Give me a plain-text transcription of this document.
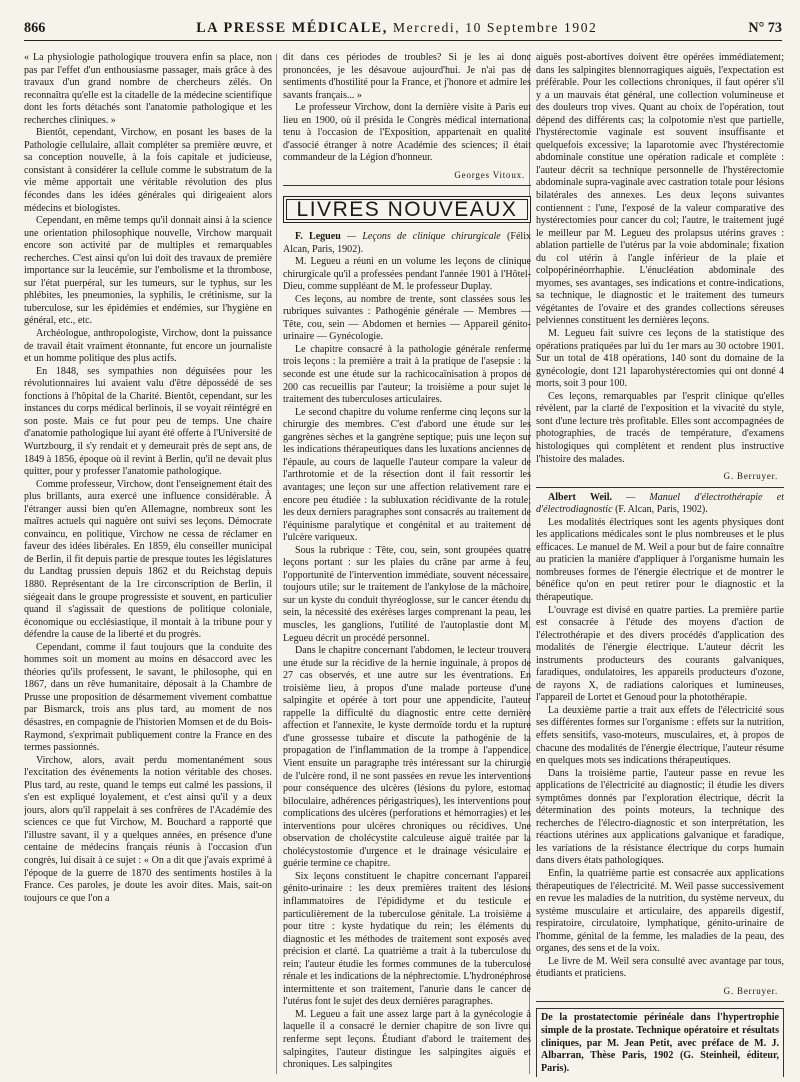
866	LA PRESSE MÉDICALE, Mercredi, 10 Septembre 1902	N° 73

« La physiologie pathologique trouvera enfin sa place, non pas par l'effet d'un enthousiasme passager, mais grâce à des travaux d'un grand nombre de chercheurs zélés. On reconnaîtra qu'elle est la citadelle de la médecine scientifique dont les forts détachés sont l'anatomie pathologique et les recherches cliniques. »

Bientôt, cependant, Virchow, en posant les bases de la Pathologie cellulaire, allait compléter sa première œuvre, et sa conception nouvelle, à la fois capitale et judicieuse, consistant à considérer la cellule comme le substratum de la vie même apportait une véritable révolution des plus fécondes dans les idées générales qui dirigeaient alors médecins et biologistes.

Cependant, en même temps qu'il donnait ainsi à la science une orientation philosophique nouvelle, Virchow marquait encore son activité par de multiples et remarquables recherches. C'est ainsi qu'on lui doit des travaux de première importance sur la leucémie, sur l'embolisme et la thrombose, sur l'état puerpéral, sur les tumeurs, sur le typhus, sur les phlébites, les pneumonies, la syphilis, le crétinisme, sur la tuberculose, sur les épidémies et endémies, sur l'hygiène en général, etc., etc.

Archéologue, anthropologiste, Virchow, dont la puissance de travail était vraiment étonnante, fut encore un journaliste et un homme politique des plus actifs.

En 1848, ses sympathies non déguisées pour les révolutionnaires lui avaient valu d'être dépossédé de ses fonctions à l'hôpital de la Charité. Bientôt, cependant, sur les instances du corps médical berlinois, il se voyait réintégré en son poste. Mais ce fut pour peu de temps. Une chaire d'anatomie pathologique lui ayant été offerte à l'Université de Wurtzbourg, il s'y rendait et y demeurait près de sept ans, de 1849 à 1856, époque où il revint à Berlin, qu'il ne devait plus quitter, pour y professer l'anatomie pathologique.

Comme professeur, Virchow, dont l'enseignement était des plus brillants, aura exercé une influence considérable. À l'étranger aussi bien qu'en Allemagne, nombreux sont les maîtres actuels qui naguère ont suivi ses leçons. Démocrate convaincu, en politique, Virchow ne cessa de réclamer en faveur des idées libérales. En 1859, élu conseiller municipal de Berlin, il fit depuis partie de presque toutes les législatures du Landtag prussien depuis 1862 et du Reichstag depuis 1880. Représentant de la 1re circonscription de Berlin, il siégeait dans le groupe progressiste et souvent, en particulier quand il s'agissait de questions de politique coloniale, économique ou ecclésiastique, il montait à la tribune pour y défendre la cause de la liberté et du progrès.

Cependant, comme il faut toujours que la conduite des hommes soit un moment au moins en désaccord avec les théories qu'ils professent, le savant, le philosophe, qui en 1867, dans un rêve humanitaire, déposait à la Chambre de Prusse une proposition de désarmement vivement combattue par Bismarck, trois ans plus tard, au moment de nos désastres, en compagnie de l'historien Momsen et de du Bois-Raymond, s'exprimait publiquement contre la France en des termes passionnés.

Virchow, alors, avait perdu momentanément sous l'excitation des événements la notion véritable des choses. Plus tard, au reste, quand le temps eut calmé les passions, il s'en est expliqué loyalement, et c'est ainsi qu'il y a deux jours, alors qu'il rappelait à ses confrères de l'Académie des sciences ce que fut Virchow, M. Bouchard a rapporté que l'illustre savant, il y a quelques années, en présence d'une centaine de médecins français réunis à l'occasion d'un congrès, lui disait à ce sujet : « On a dit que j'avais exprimé à l'époque de la guerre de 1870 des sentiments hostiles à la France. Ces paroles, je doute les avoir dites. Mais, sait-on toujours ce que l'on a

dit dans ces périodes de troubles? Si je les ai donc prononcées, je les désavoue aujourd'hui. Je n'ai pas de sentiments d'hostilité pour la France, et j'honore et admire les savants français... »

Le professeur Virchow, dont la dernière visite à Paris eut lieu en 1900, où il présida le Congrès médical international tenu à l'occasion de l'Exposition, appartenait en qualité d'associé étranger à notre Académie des sciences; il était commandeur de la Légion d'honneur.

Georges Vitoux.

LIVRES NOUVEAUX

F. Legueu — Leçons de clinique chirurgicale (Félix Alcan, Paris, 1902).

M. Legueu a réuni en un volume les leçons de clinique chirurgicale qu'il a professées pendant l'année 1901 à l'Hôtel-Dieu, comme suppléant de M. le professeur Duplay.

Ces leçons, au nombre de trente, sont classées sous les rubriques suivantes : Pathogénie générale — Membres — Tête, cou, sein — Abdomen et hernies — Appareil génito-urinaire — Gynécologie.

Le chapitre consacré à la pathologie générale renferme trois leçons : la première a trait à la pratique de l'asepsie : la seconde est une étude sur la rachicocaïnisation à propos de 200 cas recueillis par l'auteur; la troisième a pour sujet le traitement des tuberculoses articulaires.

Le second chapitre du volume renferme cinq leçons sur la chirurgie des membres. C'est d'abord une étude sur les gangrènes sèches et la gangrène septique; puis une leçon sur les indications thérapeutiques dans les luxations anciennes de l'épaule, au cours de laquelle l'auteur compare la valeur de l'arthrotomie et de la résection dont il fait ressortir les avantages; une leçon sur une affection relativement rare et encore peu étudiée : la subluxation récidivante de la rotule; les deux derniers paragraphes sont consacrés au traitement de l'équinisme paralytique et congénital et au traitement de l'ulcère variqueux.

Sous la rubrique : Tête, cou, sein, sont groupées quatre leçons portant : sur les plaies du crâne par arme à feu, l'opportunité de l'intervention immédiate, souvent nécessaire, toujours utile; sur le traitement de l'ankylose de la mâchoire, sur un kyste du conduit thyréoglosse, sur le cancer étendu du sein, la nécessité des exérèses larges comprenant la peau, les muscles, les ganglions, l'utilité de l'autoplastie dont M. Legueu décrit un procédé personnel.

Dans le chapitre concernant l'abdomen, le lecteur trouvera une étude sur la récidive de la hernie inguinale, à propos de 27 cas observés, et une autre sur les éventrations. En troisième lieu, à propos d'une malade porteuse d'une salpingite et opérée à tort pour une appendicite, l'auteur rappelle la difficulté du diagnostic entre cette dernière affection et l'annexite, le kyste dermoïde tordu et la rupture d'une grossesse tubaire et discute la pathogénie de la propagation de l'inflammation de la trompe à l'appendice. Vient ensuite un paragraphe très intéressant sur la chirurgie de l'ulcère rond, il ne sont passées en revue les interventions pour conséquence des ulcères (lésions du pylore, estomac biloculaire, adhérences périgastriques), les interventions pour complications des ulcères (perforations et hémorragies) et les interventions pour ulcères chroniques ou récidives. Une observation de cholécystite calculeuse aiguë traitée par la cholécystostomie d'urgence et le drainage vésiculaire et guérie termine ce chapitre.

Six leçons constituent le chapitre concernant l'appareil génito-urinaire : les deux premières traitent des lésions inflammatoires de l'épididyme et du testicule et particulièrement de la tuberculose génitale. La troisième a pour titre : kyste hydatique du rein; les éléments du diagnostic et les méthodes de traitement sont exposés avec précision et clarté. La quatrième a trait à la tuberculose du rein; l'auteur étudie les formes communes de la tuberculose rénale et les indications de la néphrectomie. L'hydronéphrose intermittente et son traitement, l'anurie dans le cancer de l'utérus font le sujet des deux dernières paragraphes.

M. Legueu a fait une assez large part à la gynécologie à laquelle il a consacré le dernier chapitre de son livre qui renferme sept leçons. Étudiant d'abord le traitement des salpingites, l'auteur distingue les salpingites aiguës et chroniques. Les salpingites

aiguës post-abortives doivent être opérées immédiatement; dans les salpingites blennorragiques aiguës, l'expectation est préférable. Pour les collections chroniques, il faut opérer s'il y a un mauvais état général, une collection volumineuse et des douleurs trop vives. Quant au choix de l'opération, tout dépend des différents cas; la colpotomie n'est que partielle, l'hystérectomie vaginale est souvent insuffisante et quelquefois excessive; la laparotomie avec l'hystérectomie abdominale constitue une opération radicale et complète : l'auteur décrit sa technique personnelle de l'hystérectomie abdominale supra-vaginale avec castration totale pour lésions bilatérales des annexes. Les deux leçons suivantes contiennent : l'une, l'exposé de la valeur comparative des hystérectomies pour cancer du col; l'autre, le traitement jugé le meilleur par M. Legueu des prolapsus utérins graves : ablation partielle de l'utérus par la voie abdominale; fixation du col utérin à l'angle inférieur de la plaie et colpopérinéorrhaphie. L'énucléation abdominale des myomes, ses avantages, ses indications et contre-indications, sa technique, le diagnostic et le traitement des tumeurs végétantes de l'ovaire et des grandes collections séreuses pelviennes constituent les dernières leçons.

M. Legueu fait suivre ces leçons de la statistique des opérations pratiquées par lui du 1er mars au 30 octobre 1901. Sur un total de 418 opérations, 140 sont du domaine de la gynécologie, dont 121 laparohystérectomies qui ont donné 4 morts, soit 3 pour 100.

Ces leçons, remarquables par l'esprit clinique qu'elles révèlent, par la clarté de l'exposition et la vivacité du style, sont d'une lecture très profitable. Elles sont accompagnées de photographies, de tracés de température, d'examens histologiques qui complètent et rendent plus instructive l'histoire des malades.

G. Berruyer.

Albert Weil. — Manuel d'électrothérapie et d'électrodiagnostic (F. Alcan, Paris, 1902).

Les modalités électriques sont les agents physiques dont les applications médicales sont le plus nombreuses et le plus efficaces. Le manuel de M. Weil a pour but de faire connaître au praticien la manière d'appliquer à l'organisme humain les nombreuses formes de l'énergie électrique et de montrer le bénéfice qu'on en peut retirer pour le diagnostic et la thérapeutique.

L'ouvrage est divisé en quatre parties. La première partie est consacrée à l'étude des moyens d'action de l'électrothérapie et des divers procédés d'application des modalités de l'énergie électrique. L'auteur décrit les instruments producteurs des courants galvaniques, faradiques, ondulatoires, les appareils producteurs d'ozone, de rayons X, de radiations caloriques et lumineuses, l'appareil de Lortet et Genoud pour la photothérapie.

La deuxième partie a trait aux effets de l'électricité sous ses différentes formes sur l'organisme : effets sur la nutrition, effets sensitifs, vaso-moteurs, musculaires, et, à propos de chacune des modalités de l'énergie électrique, l'auteur résume en quelques mots ses indications thérapeutiques.

Dans la troisième partie, l'auteur passe en revue les applications de l'électricité au diagnostic; il étudie les divers symptômes donnés par l'exploration électrique, décrit la détermination des points moteurs, la technique des recherches de l'électro-diagnostic et son interprétation, les réactions utérines aux applications galvanique et faradique, les variations de la résistance électrique du corps humain dans divers états pathologiques.

Enfin, la quatrième partie est consacrée aux applications thérapeutiques de l'électricité. M. Weil passe successivement en revue les maladies de la nutrition, du système nerveux, du système musculaire et articulaire, des appareils digestif, respiratoire, circulatoire, lymphatique, génito-urinaire de l'homme, génital de la femme, les maladies de la peau, des organes, des sens et de la voix.

Le livre de M. Weil sera consulté avec avantage par tous, étudiants et praticiens.

G. Berruyer.

De la prostatectomie périnéale dans l'hypertrophie simple de la prostate. Technique opératoire et résultats cliniques, par M. Jean Petit, avec préface de M. J. Albarran, Thèse Paris, 1902 (G. Steinheil, éditeur, Paris).
